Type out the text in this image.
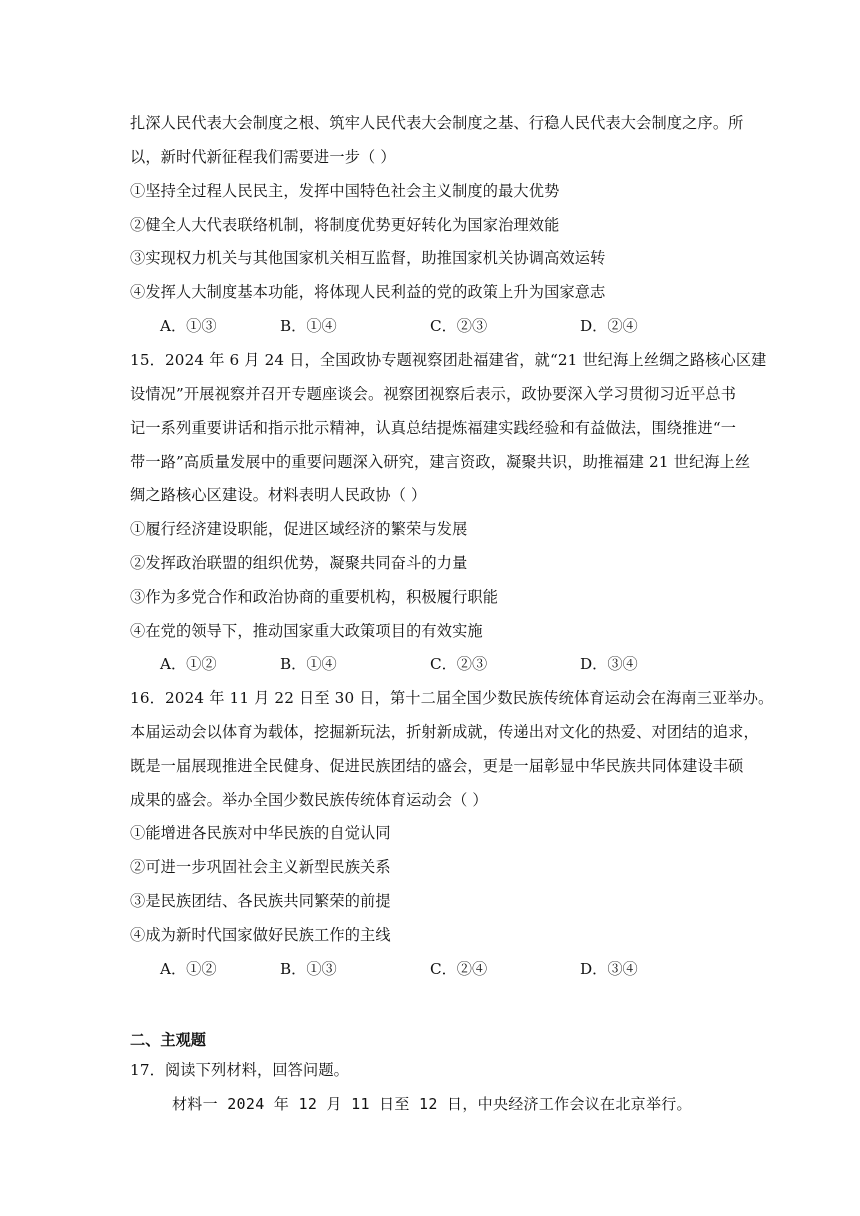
扎深人民代表大会制度之根、筑牢人民代表大会制度之基、行稳人民代表大会制度之序。所
以，新时代新征程我们需要进一步（ ）
①坚持全过程人民民主，发挥中国特色社会主义制度的最大优势
②健全人大代表联络机制，将制度优势更好转化为国家治理效能
③实现权力机关与其他国家机关相互监督，助推国家机关协调高效运转
④发挥人大制度基本功能，将体现人民利益的党的政策上升为国家意志
A．①③	B．①④	C．②③	D．②④
15．2024 年 6 月 24 日，全国政协专题视察团赴福建省，就“21 世纪海上丝绸之路核心区建
设情况”开展视察并召开专题座谈会。视察团视察后表示，政协要深入学习贯彻习近平总书
记一系列重要讲话和指示批示精神，认真总结提炼福建实践经验和有益做法，围绕推进“一
带一路”高质量发展中的重要问题深入研究，建言资政，凝聚共识，助推福建 21 世纪海上丝
绸之路核心区建设。材料表明人民政协（ ）
①履行经济建设职能，促进区域经济的繁荣与发展
②发挥政治联盟的组织优势，凝聚共同奋斗的力量
③作为多党合作和政治协商的重要机构，积极履行职能
④在党的领导下，推动国家重大政策项目的有效实施
A．①②	B．①④	C．②③	D．③④
16．2024 年 11 月 22 日至 30 日，第十二届全国少数民族传统体育运动会在海南三亚举办。
本届运动会以体育为载体，挖掘新玩法，折射新成就，传递出对文化的热爱、对团结的追求，
既是一届展现推进全民健身、促进民族团结的盛会，更是一届彰显中华民族共同体建设丰硕
成果的盛会。举办全国少数民族传统体育运动会（ ）
①能增进各民族对中华民族的自觉认同
②可进一步巩固社会主义新型民族关系
③是民族团结、各民族共同繁荣的前提
④成为新时代国家做好民族工作的主线
A．①②	B．①③	C．②④	D．③④
二、主观题
17．阅读下列材料，回答问题。
材料一 2024 年 12 月 11 日至 12 日，中央经济工作会议在北京举行。
